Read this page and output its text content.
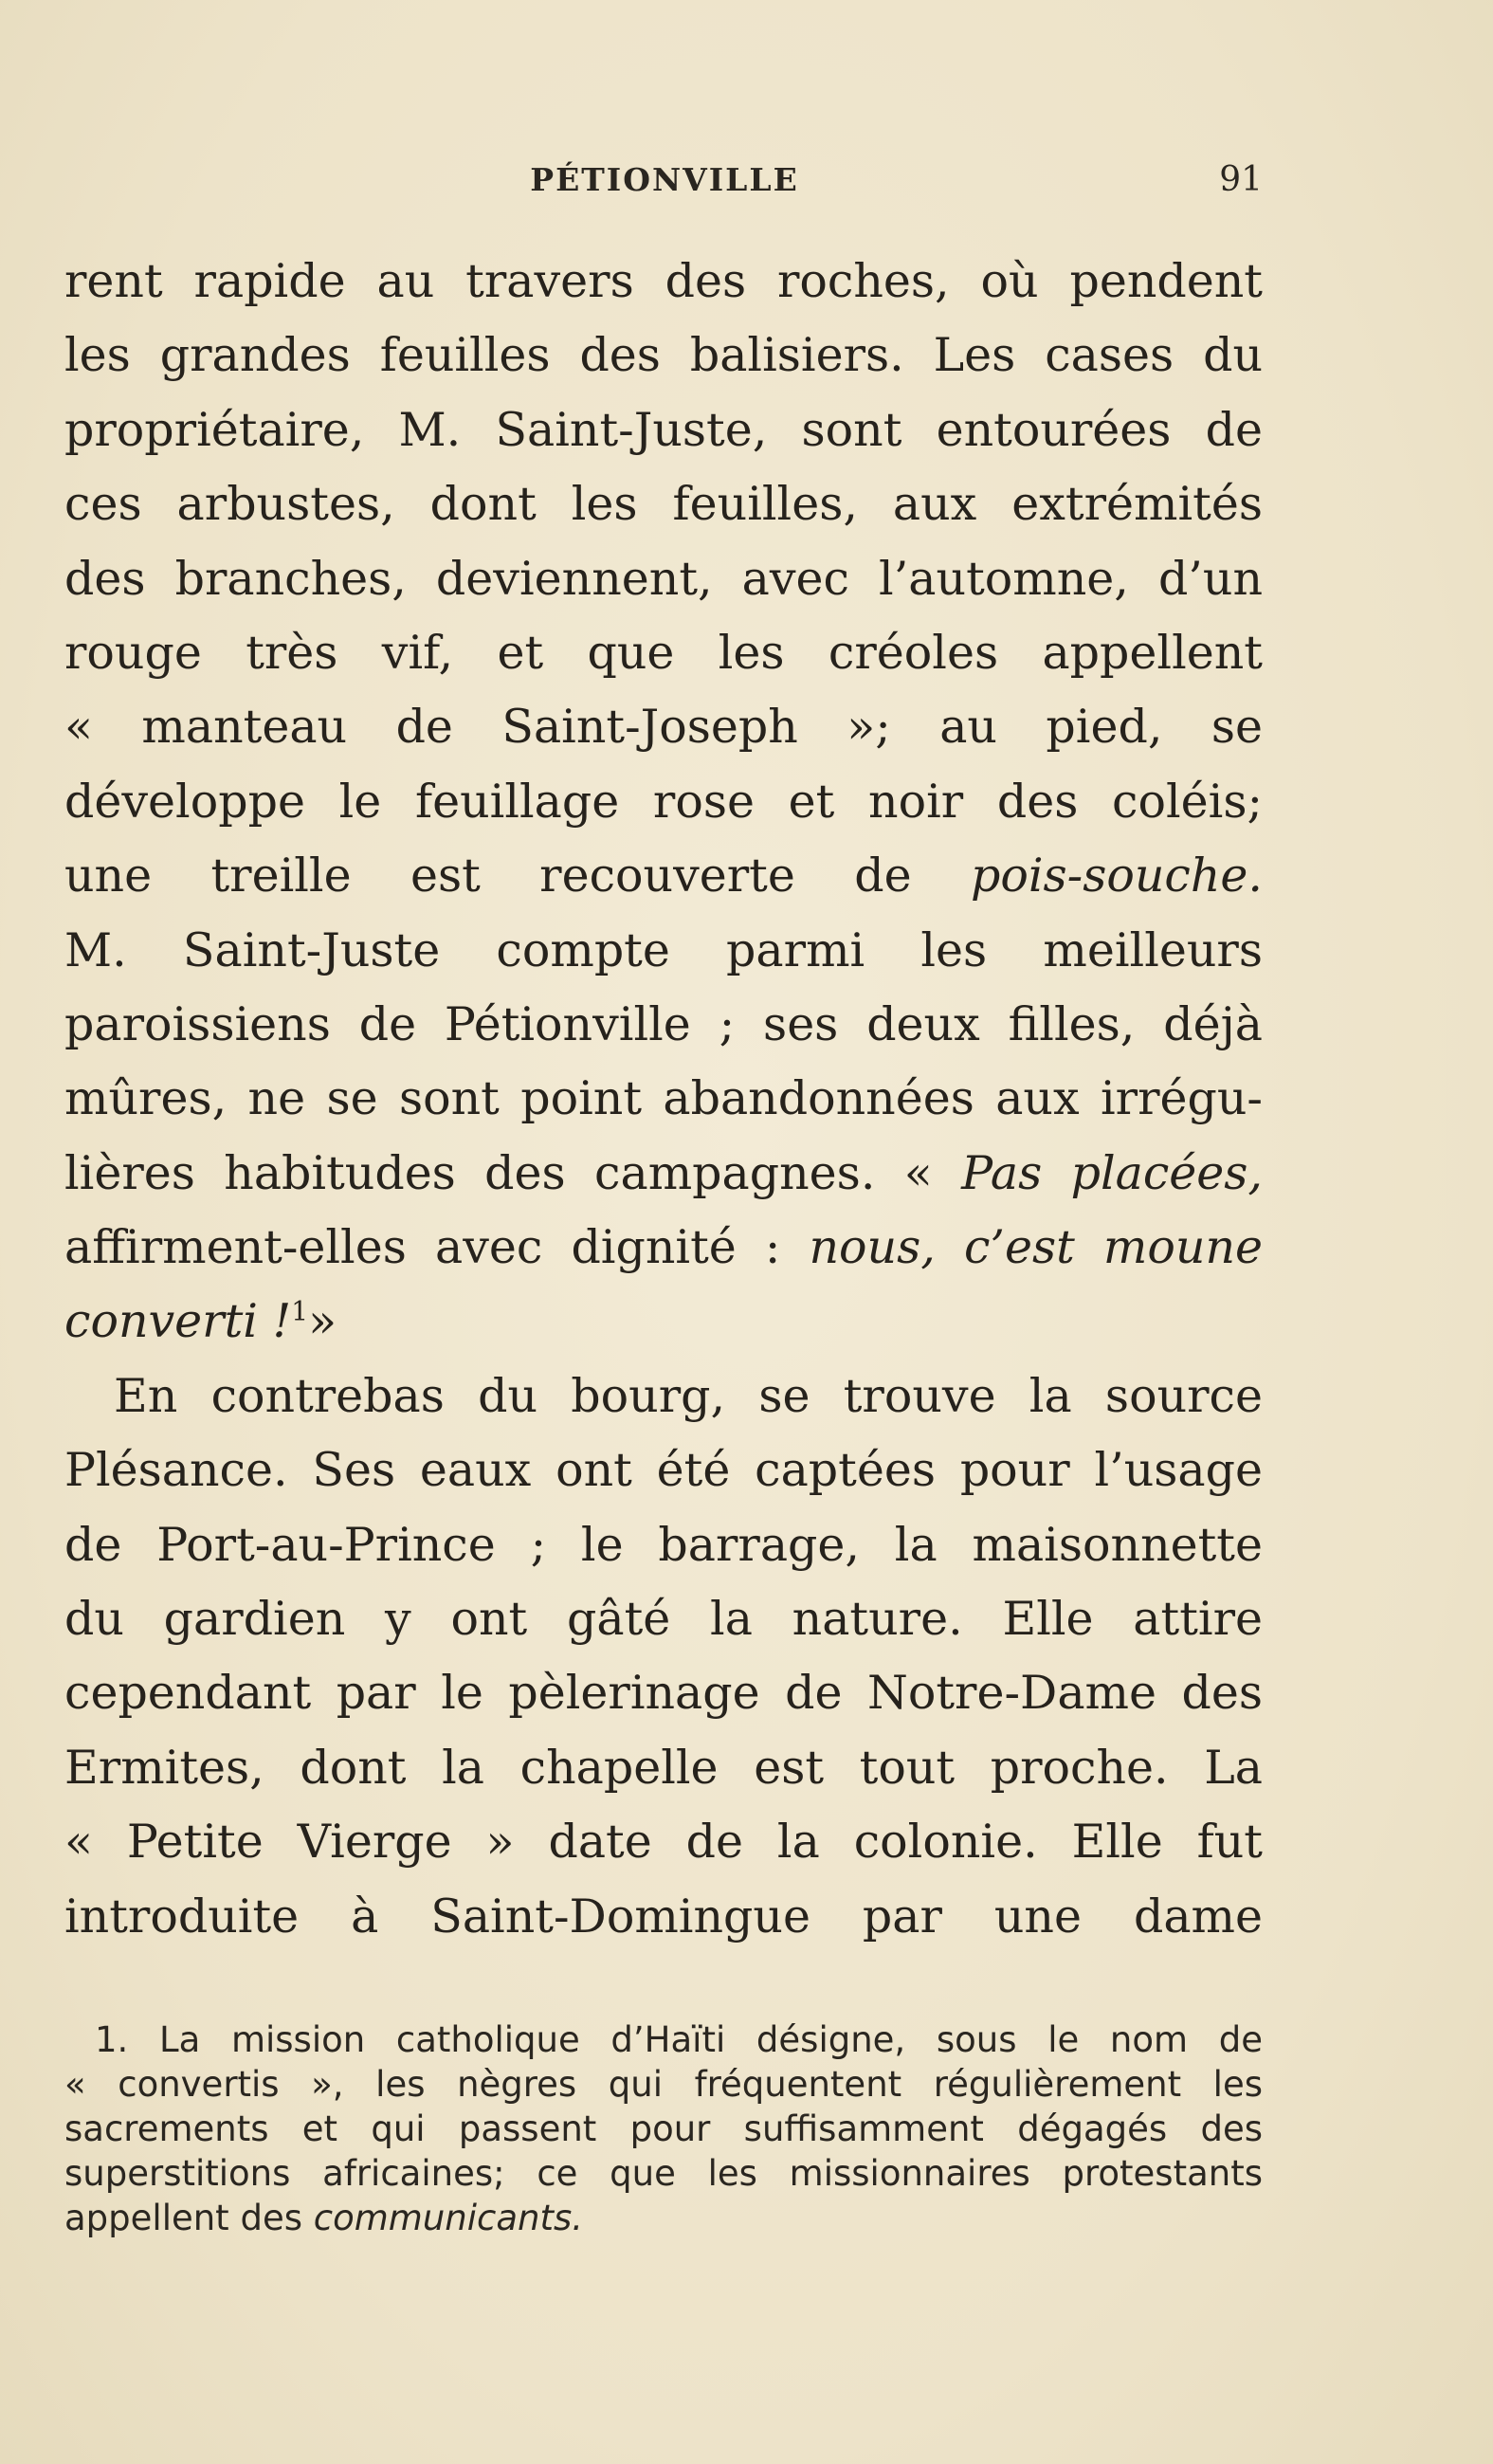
PÉTIONVILLE	91
rent rapide au travers des roches, où pendent
les grandes feuilles des balisiers. Les cases du
propriétaire, M. Saint-Juste, sont entourées de
ces arbustes, dont les feuilles, aux extrémités
des branches, deviennent, avec l’automne, d’un
rouge très vif, et que les créoles appellent
« manteau de Saint-Joseph »; au pied, se
développe le feuillage rose et noir des coléis;
une treille est recouverte de pois-souche.
M. Saint-Juste compte parmi les meilleurs
paroissiens de Pétionville ; ses deux filles, déjà
mûres, ne se sont point abandonnées aux irrégu-
lières habitudes des campagnes. « Pas placées,
affirment-elles avec dignité : nous, c’est moune
converti !$^1$»
En contrebas du bourg, se trouve la source
Plésance. Ses eaux ont été captées pour l’usage
de Port-au-Prince ; le barrage, la maisonnette
du gardien y ont gâté la nature. Elle attire
cependant par le pèlerinage de Notre-Dame des
Ermites, dont la chapelle est tout proche. La
« Petite Vierge » date de la colonie. Elle fut
introduite à Saint-Domingue par une dame
1. La mission catholique d’Haïti désigne, sous le nom de
« convertis », les nègres qui fréquentent régulièrement les
sacrements et qui passent pour suffisamment dégagés des
superstitions africaines; ce que les missionnaires protestants
appellent des communicants.
